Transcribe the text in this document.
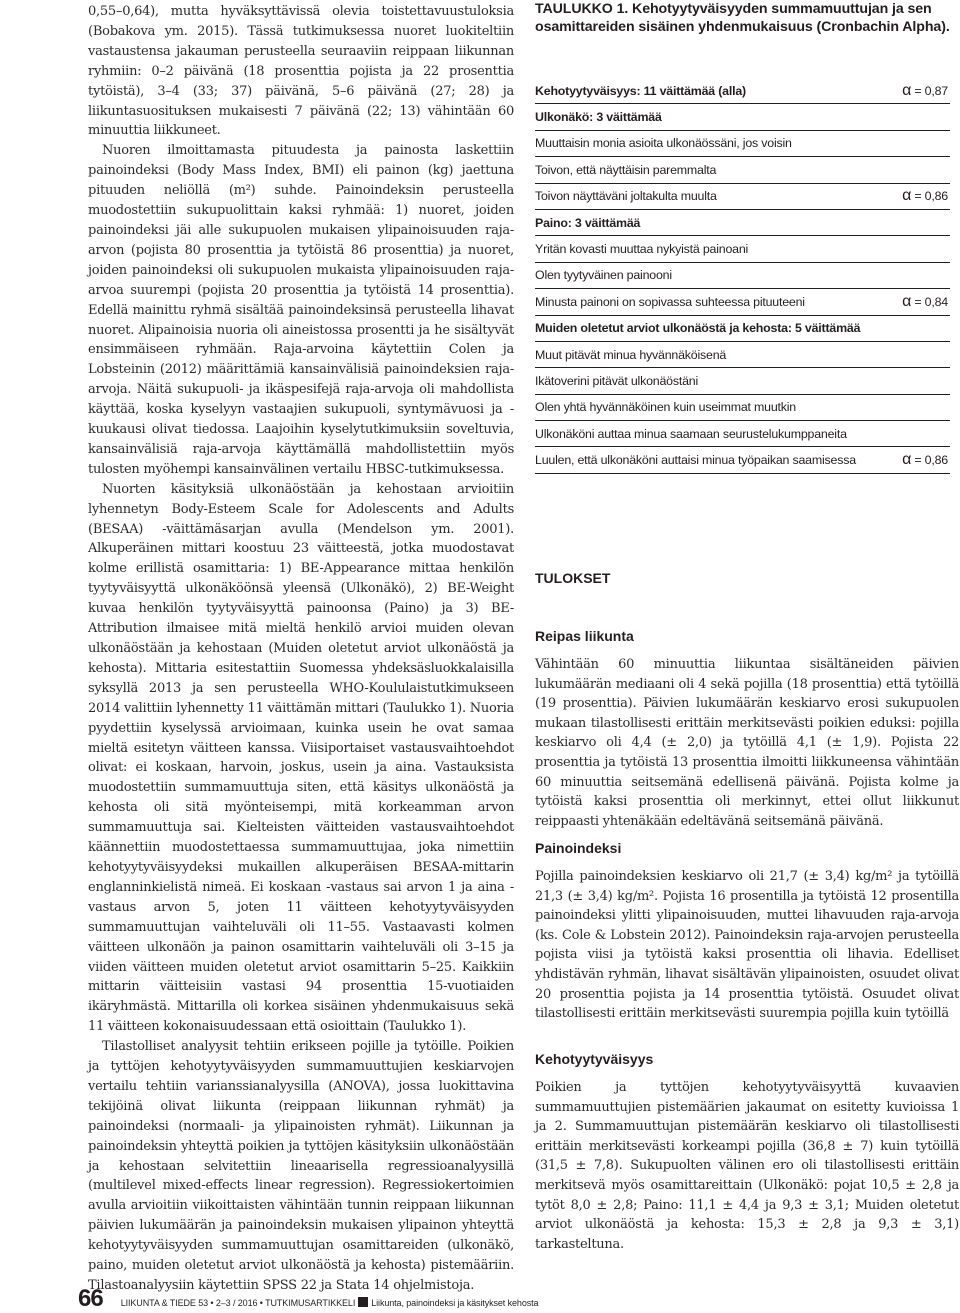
0,55–0,64), mutta hyväksyttävissä olevia toistettavuustuloksia (Bobakova ym. 2015). Tässä tutkimuksessa nuoret luokiteltiin vastaustensa jakauman perusteella seuraaviin reippaan liikunnan ryhmiin: 0–2 päivänä (18 prosenttia pojista ja 22 prosenttia tytöistä), 3–4 (33; 37) päivänä, 5–6 päivänä (27; 28) ja liikuntasuosituksen mukaisesti 7 päivänä (22; 13) vähintään 60 minuuttia liikkuneet.

Nuoren ilmoittamasta pituudesta ja painosta laskettiin painoindeksi (Body Mass Index, BMI) eli painon (kg) jaettuna pituuden neliöllä (m²) suhde. Painoindeksin perusteella muodostettiin sukupuolittain kaksi ryhmää: 1) nuoret, joiden painoindeksi jäi alle sukupuolen mukaisen ylipainoisuuden raja-arvon (pojista 80 prosenttia ja tytöistä 86 prosenttia) ja nuoret, joiden painoindeksi oli sukupuolen mukaista ylipainoisuuden raja-arvoa suurempi (pojista 20 prosenttia ja tytöistä 14 prosenttia). Edellä mainittu ryhmä sisältää painoindeksinsä perusteella lihavat nuoret. Alipainoisia nuoria oli aineistossa prosentti ja he sisältyvät ensimmäiseen ryhmään. Raja-arvoina käytettiin Colen ja Lobsteinin (2012) määrittämiä kansainvälisiä painoindeksien raja-arvoja. Näitä sukupuoli- ja ikäspesifejä raja-arvoja oli mahdollista käyttää, koska kyselyyn vastaajien sukupuoli, syntymävuosi ja -kuukausi olivat tiedossa. Laajoihin kyselytutkimuksiin soveltuvia, kansainvälisiä raja-arvoja käyttämällä mahdollistettiin myös tulosten myöhempi kansainvälinen vertailu HBSC-tutkimuksessa.

Nuorten käsityksiä ulkonäöstään ja kehostaan arvioitiin lyhennetyn Body-Esteem Scale for Adolescents and Adults (BESAA) -väittämäsarjan avulla (Mendelson ym. 2001). Alkuperäinen mittari koostuu 23 väitteestä, jotka muodostavat kolme erillistä osamittaria: 1) BE-Appearance mittaa henkilön tyytyväisyyttä ulkonäköönsä yleensä (Ulkonäkö), 2) BE-Weight kuvaa henkilön tyytyväisyyttä painoonsa (Paino) ja 3) BE-Attribution ilmaisee mitä mieltä henkilö arvioi muiden olevan ulkonäöstään ja kehostaan (Muiden oletetut arviot ulkonäöstä ja kehosta). Mittaria esitestattiin Suomessa yhdeksäsluokkalaisilla syksyllä 2013 ja sen perusteella WHO-Koululaistutkimukseen 2014 valittiin lyhennetty 11 väittämän mittari (Taulukko 1). Nuoria pyydettiin kyselyssä arvioimaan, kuinka usein he ovat samaa mieltä esitetyn väitteen kanssa. Viisiportaiset vastausvaihtoehdot olivat: ei koskaan, harvoin, joskus, usein ja aina. Vastauksista muodostettiin summamuuttuja siten, että käsitys ulkonäöstä ja kehosta oli sitä myönteisempi, mitä korkeamman arvon summamuuttuja sai. Kielteisten väitteiden vastausvaihtoehdot käännettiin muodostettaessa summamuuttujaa, joka nimettiin kehotyytyväisyydeksi mukaillen alkuperäisen BESAA-mittarin englanninkielistä nimeä. Ei koskaan -vastaus sai arvon 1 ja aina -vastaus arvon 5, joten 11 väitteen kehotyytyväisyyden summamuuttujan vaihteluväli oli 11–55. Vastaavasti kolmen väitteen ulkonäön ja painon osamittarin vaihteluväli oli 3–15 ja viiden väitteen muiden oletetut arviot osamittarin 5–25. Kaikkiin mittarin väitteisiin vastasi 94 prosenttia 15-vuotiaiden ikäryhmästä. Mittarilla oli korkea sisäinen yhdenmukaisuus sekä 11 väitteen kokonaisuudessaan että osioittain (Taulukko 1).

Tilastolliset analyysit tehtiin erikseen pojille ja tytöille. Poikien ja tyttöjen kehotyytyväisyyden summamuuttujien keskiarvojen vertailu tehtiin varianssianalyysilla (ANOVA), jossa luokittavina tekijöinä olivat liikunta (reippaan liikunnan ryhmät) ja painoindeksi (normaali- ja ylipainoisten ryhmät). Liikunnan ja painoindeksin yhteyttä poikien ja tyttöjen käsityksiin ulkonäöstään ja kehostaan selvitettiin lineaarisella regressioanalyysillä (multilevel mixed-effects linear regression). Regressiokertoimien avulla arvioitiin viikoittaisten vähintään tunnin reippaan liikunnan päivien lukumäärän ja painoindeksin mukaisen ylipainon yhteyttä kehotyytyväisyyden summamuuttujan osamittareiden (ulkonäkö, paino, muiden oletetut arviot ulkonäöstä ja kehosta) pistemääriin. Tilastoanalyysiin käytettiin SPSS 22 ja Stata 14 ohjelmistoja.

TAULUKKO 1. Kehotyytyväisyyden summamuuttujan ja sen osamittareiden sisäinen yhdenmukaisuus (Cronbachin Alpha).
Kehotyytyväisyys: 11 väittämää (alla)	α = 0,87
Ulkonäkö: 3 väittämää
Muuttaisin monia asioita ulkonäössäni, jos voisin
Toivon, että näyttäisin paremmalta
Toivon näyttäväni joltakulta muulta	α = 0,86
Paino: 3 väittämää
Yritän kovasti muuttaa nykyistä painoani
Olen tyytyväinen painooni
Minusta painoni on sopivassa suhteessa pituuteeni	α = 0,84
Muiden oletetut arviot ulkonäöstä ja kehosta: 5 väittämää
Muut pitävät minua hyvännäköisenä
Ikätoverini pitävät ulkonäöstäni
Olen yhtä hyvännäköinen kuin useimmat muutkin
Ulkonäköni auttaa minua saamaan seurustelukumppaneita
Luulen, että ulkonäköni auttaisi minua työpaikan saamisessa	α = 0,86
TULOKSET
Reipas liikunta
Vähintään 60 minuuttia liikuntaa sisältäneiden päivien lukumäärän mediaani oli 4 sekä pojilla (18 prosenttia) että tytöillä (19 prosenttia). Päivien lukumäärän keskiarvo erosi sukupuolen mukaan tilastollisesti erittäin merkitsevästi poikien eduksi: pojilla keskiarvo oli 4,4 (± 2,0) ja tytöillä 4,1 (± 1,9). Pojista 22 prosenttia ja tytöistä 13 prosenttia ilmoitti liikkuneensa vähintään 60 minuuttia seitsemänä edellisenä päivänä. Pojista kolme ja tytöistä kaksi prosenttia oli merkinnyt, ettei ollut liikkunut reippaasti yhtenäkään edeltävänä seitsemänä päivänä.
Painoindeksi
Pojilla painoindeksien keskiarvo oli 21,7 (± 3,4) kg/m² ja tytöillä 21,3 (± 3,4) kg/m². Pojista 16 prosentilla ja tytöistä 12 prosentilla painoindeksi ylitti ylipainoisuuden, muttei lihavuuden raja-arvoja (ks. Cole & Lobstein 2012). Painoindeksin raja-arvojen perusteella pojista viisi ja tytöistä kaksi prosenttia oli lihavia. Edelliset yhdistävän ryhmän, lihavat sisältävän ylipainoisten, osuudet olivat 20 prosenttia pojista ja 14 prosenttia tytöistä. Osuudet olivat tilastollisesti erittäin merkitsevästi suurempia pojilla kuin tytöillä
Kehotyytyväisyys
Poikien ja tyttöjen kehotyytyväisyyttä kuvaavien summamuuttujien pistemäärien jakaumat on esitetty kuvioissa 1 ja 2. Summamuuttujan pistemäärän keskiarvo oli tilastollisesti erittäin merkitsevästi korkeampi pojilla (36,8 ± 7) kuin tytöillä (31,5 ± 7,8). Sukupuolten välinen ero oli tilastollisesti erittäin merkitsevä myös osamittareittain (Ulkonäkö: pojat 10,5 ± 2,8 ja tytöt 8,0 ± 2,8; Paino: 11,1 ± 4,4 ja 9,3 ± 3,1; Muiden oletetut arviot ulkonäöstä ja kehosta: 15,3 ± 2,8 ja 9,3 ± 3,1) tarkasteltuna.
66 LIIKUNTA & TIEDE 53 • 2–3 / 2016 • TUTKIMUSARTIKKELI Liikunta, painoindeksi ja käsitykset kehosta
